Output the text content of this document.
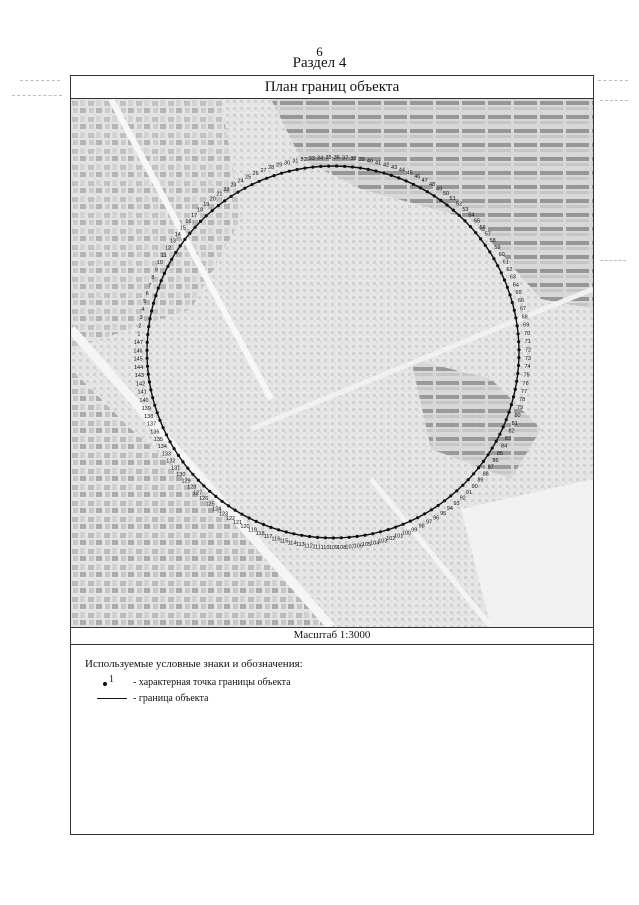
6
Раздел 4
План границ объекта
1
2
3
4
5
6
7
8
9
10
11
12
13
14
15
16
17
18
19
20
21
22
23
24
25
26
27 28 29 30 31 32 33 34 35 36 37 38 39 40 41 42 43 44
45
46
47
48
49
50
51
52
53
54
55
56
57
58
59
60
61
62
63
64
65
66
67
68
69
70
71
72
73
74
75
76
77
78
79
80
81
82
83
84
85
86
87
88
89
90
91
92
93
94
95
96
97
98
99
100
101
102
103
104
105
106
107
108
109
110
111
112
113
114
115
116
117
118
119
120
121
122
123
124
125
126
127
128
129
130
131
132
133
134
135
136
137
138
139
140
141
142
143
144
145
146
147
Масштаб 1:3000
Используемые условные знаки и обозначения:
1 - характерная точка границы объекта
- граница объекта
